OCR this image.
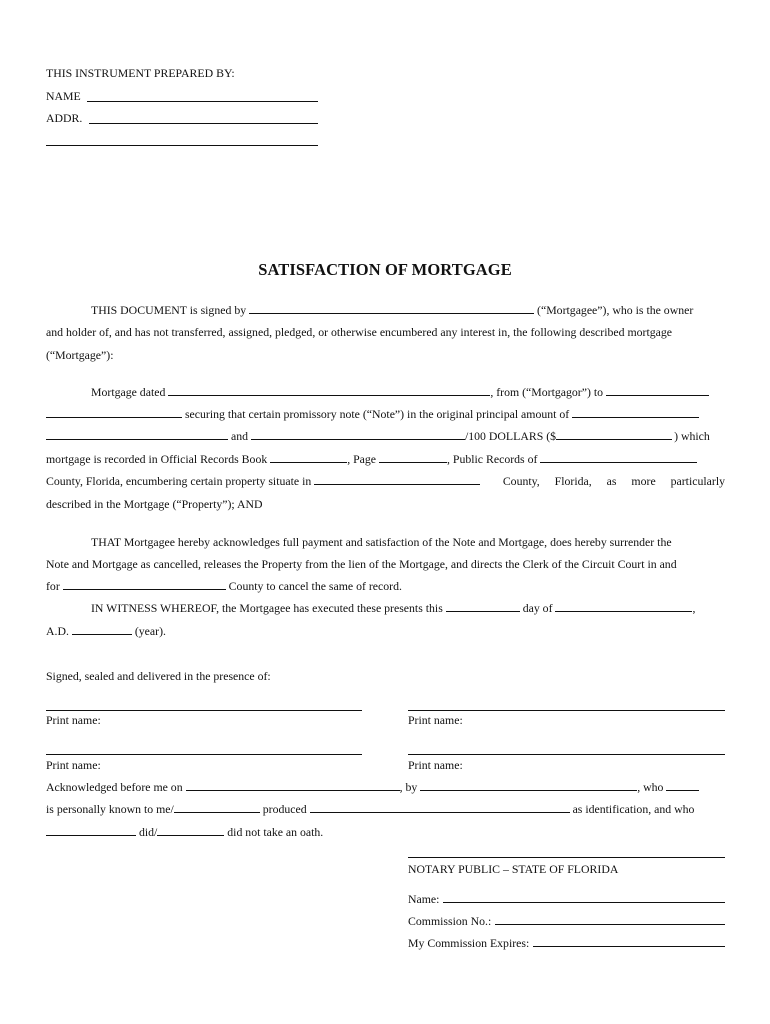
THIS INSTRUMENT PREPARED BY:
NAME
ADDR.
SATISFACTION OF MORTGAGE
THIS DOCUMENT is signed by	(“Mortgagee”), who is the owner
and holder of, and has not transferred, assigned, pledged, or otherwise encumbered any interest in, the following described mortgage
(“Mortgage”):
Mortgage dated	, from (“Mortgagor”) to
securing that certain promissory note (“Note”) in the original principal amount of
and	/100 DOLLARS ($	) which
mortgage is recorded in Official Records Book	, Page	, Public Records of
County, Florida, encumbering certain property situate in	County, Florida, as more particularly
described in the Mortgage (“Property”); AND
THAT Mortgagee hereby acknowledges full payment and satisfaction of the Note and Mortgage, does hereby surrender the
Note and Mortgage as cancelled, releases the Property from the lien of the Mortgage, and directs the Clerk of the Circuit Court in and
for	County to cancel the same of record.
IN WITNESS WHEREOF, the Mortgagee has executed these presents this	day of	,
A.D.	(year).
Signed, sealed and delivered in the presence of:
Print name:	Print name:
Print name:	Print name:
Acknowledged before me on	, by	, who
is personally known to me/	produced	as identification, and who
did/	did not take an oath.
NOTARY PUBLIC – STATE OF FLORIDA
Name:
Commission No.:
My Commission Expires:
